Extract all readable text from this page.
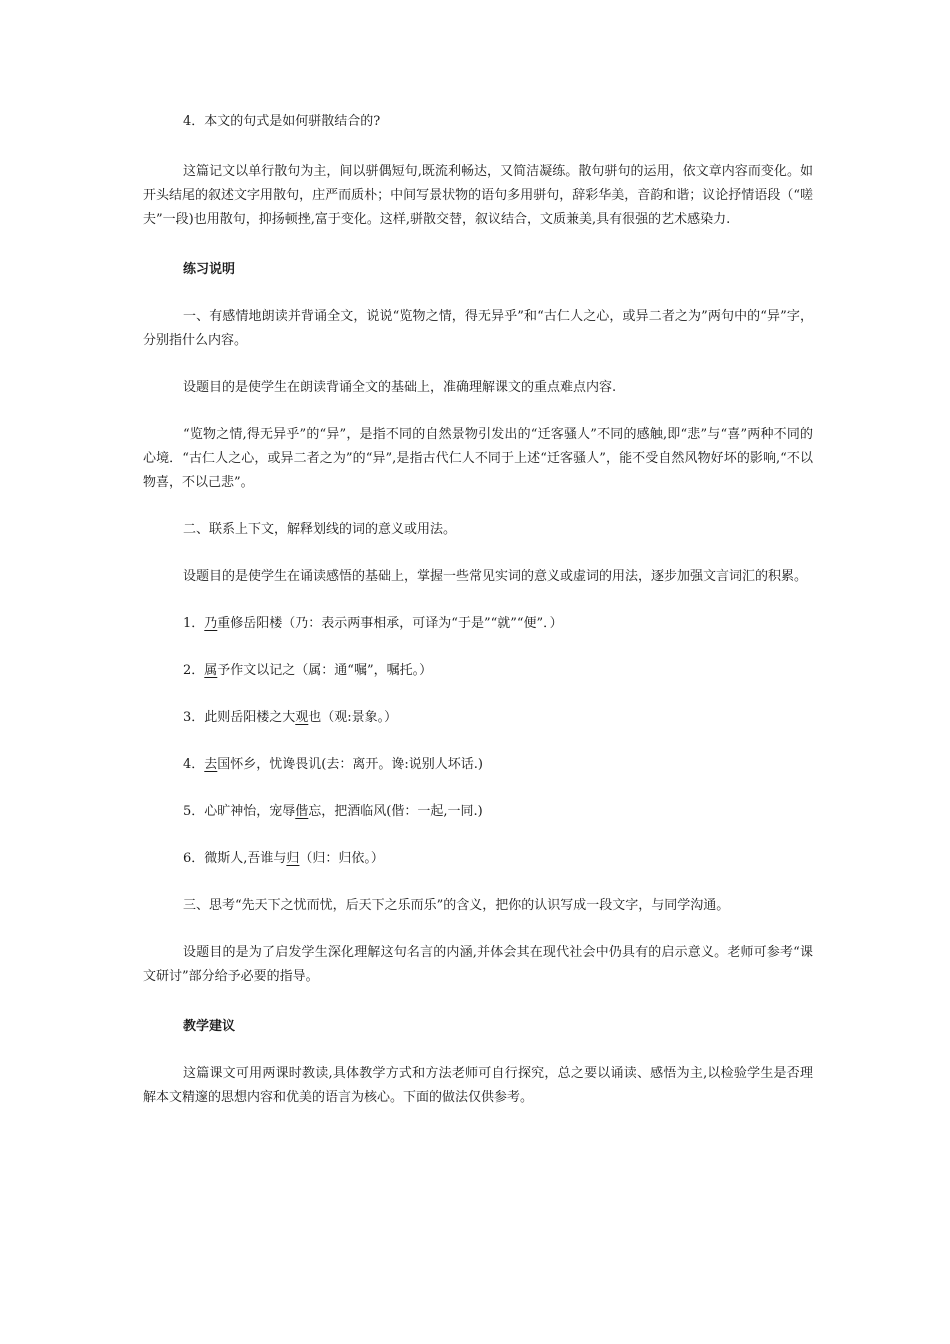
4．本文的句式是如何骈散结合的?

这篇记文以单行散句为主，间以骈偶短句,既流利畅达，又简洁凝练。散句骈句的运用，依文章内容而变化。如开头结尾的叙述文字用散句，庄严而质朴；中间写景状物的语句多用骈句，辞彩华美，音韵和谐；议论抒情语段（“嗟夫”一段)也用散句，抑扬顿挫,富于变化。这样,骈散交替，叙议结合，文质兼美,具有很强的艺术感染力.

练习说明

一、有感情地朗读并背诵全文，说说“览物之情，得无异乎”和“古仁人之心，或异二者之为”两句中的“异”字，分别指什么内容。

设题目的是使学生在朗读背诵全文的基础上，准确理解课文的重点难点内容.

“览物之情,得无异乎”的“异”，是指不同的自然景物引发出的“迁客骚人”不同的感触,即“悲”与“喜”两种不同的心境．“古仁人之心，或异二者之为”的“异”,是指古代仁人不同于上述“迁客骚人”，能不受自然风物好坏的影响,“不以物喜，不以己悲”。

二、联系上下文，解释划线的词的意义或用法。

设题目的是使学生在诵读感悟的基础上，掌握一些常见实词的意义或虚词的用法，逐步加强文言词汇的积累。

1．乃重修岳阳楼（乃：表示两事相承，可译为“于是”“就”“便”．）

2．属予作文以记之（属：通“嘱”，嘱托。）

3．此则岳阳楼之大观也（观:景象。）

4．去国怀乡，忧谗畏讥(去：离开。谗:说别人坏话.)

5．心旷神怡，宠辱偕忘，把酒临风(偕：一起,一同.)

6．微斯人,吾谁与归（归：归依。）

三、思考“先天下之忧而忧，后天下之乐而乐”的含义，把你的认识写成一段文字，与同学沟通。

设题目的是为了启发学生深化理解这句名言的内涵,并体会其在现代社会中仍具有的启示意义。老师可参考“课文研讨”部分给予必要的指导。

教学建议

这篇课文可用两课时教读,具体教学方式和方法老师可自行探究，总之要以诵读、感悟为主,以检验学生是否理解本文精邃的思想内容和优美的语言为核心。下面的做法仅供参考。
